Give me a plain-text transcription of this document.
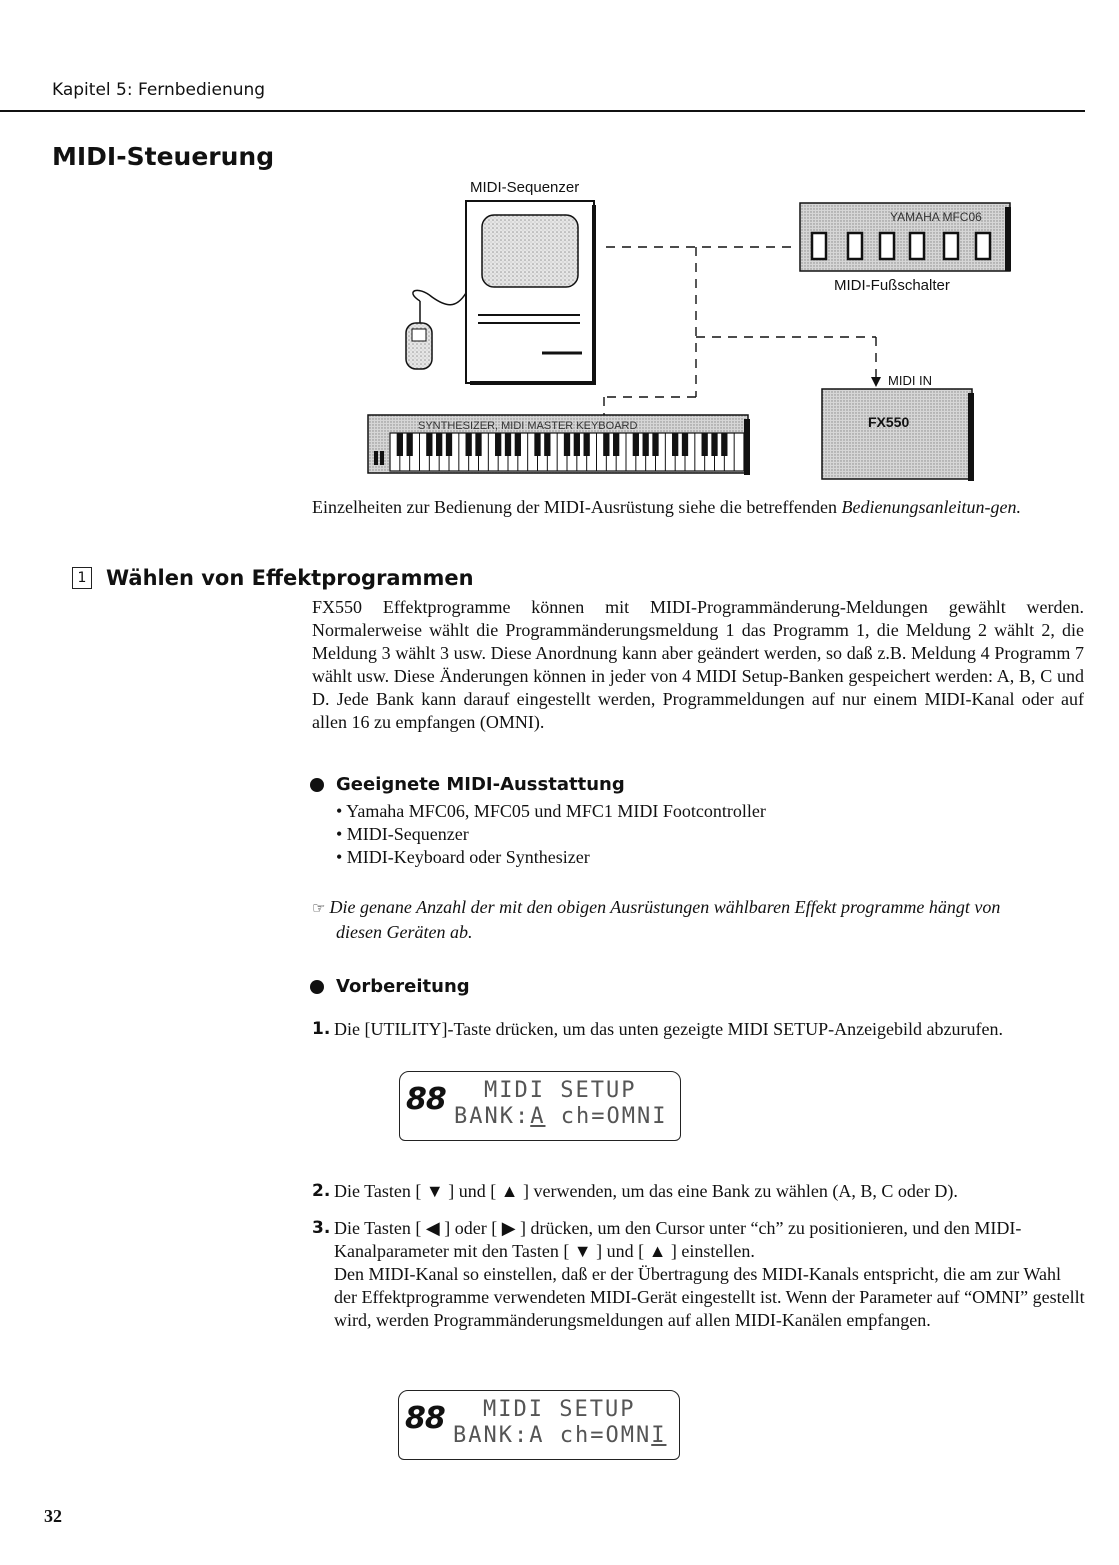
Kapitel 5: Fernbedienung
MIDI-Steuerung
MIDI-Sequenzer
YAMAHA MFC06
MIDI-Fußschalter
MIDI IN
FX550
SYNTHESIZER, MIDI MASTER KEYBOARD
Einzelheiten zur Bedienung der MIDI-Ausrüstung siehe die betreffenden Bedienungsanleitun-gen.
1 Wählen von Effektprogrammen
FX550 Effektprogramme können mit MIDI-Programmänderung-Meldungen gewählt werden. Normalerweise wählt die Programmänderungsmeldung 1 das Programm 1, die Meldung 2 wählt 2, die Meldung 3 wählt 3 usw. Diese Anordnung kann aber geändert werden, so daß z.B. Meldung 4 Programm 7 wählt usw. Diese Änderungen können in jeder von 4 MIDI Setup-Banken gespeichert werden: A, B, C und D. Jede Bank kann darauf eingestellt werden, Programmeldungen auf nur einem MIDI-Kanal oder auf allen 16 zu empfangen (OMNI).
Geeignete MIDI-Ausstattung
• Yamaha MFC06, MFC05 und MFC1 MIDI Footcontroller
• MIDI-Sequenzer
• MIDI-Keyboard oder Synthesizer
☞ Die genane Anzahl der mit den obigen Ausrüstungen wählbaren Effekt programme hängt von
diesen Geräten ab.
Vorbereitung
1. Die [UTILITY]-Taste drücken, um das unten gezeigte MIDI SETUP-Anzeigebild abzurufen.
88 MIDI SETUP
BANK:A ch=OMNI
2. Die Tasten [ ▼ ] und [ ▲ ] verwenden, um das eine Bank zu wählen (A, B, C oder D).
3. Die Tasten [ ◀ ] oder [ ▶ ] drücken, um den Cursor unter “ch” zu positionieren, und den MIDI-Kanalparameter mit den Tasten [ ▼ ] und [ ▲ ] einstellen.
Den MIDI-Kanal so einstellen, daß er der Übertragung des MIDI-Kanals entspricht, die am zur Wahl der Effektprogramme verwendeten MIDI-Gerät eingestellt ist. Wenn der Parameter auf “OMNI” gestellt wird, werden Programmänderungsmeldungen auf allen MIDI-Kanälen empfangen.
88 MIDI SETUP
BANK:A ch=OMNI
32
